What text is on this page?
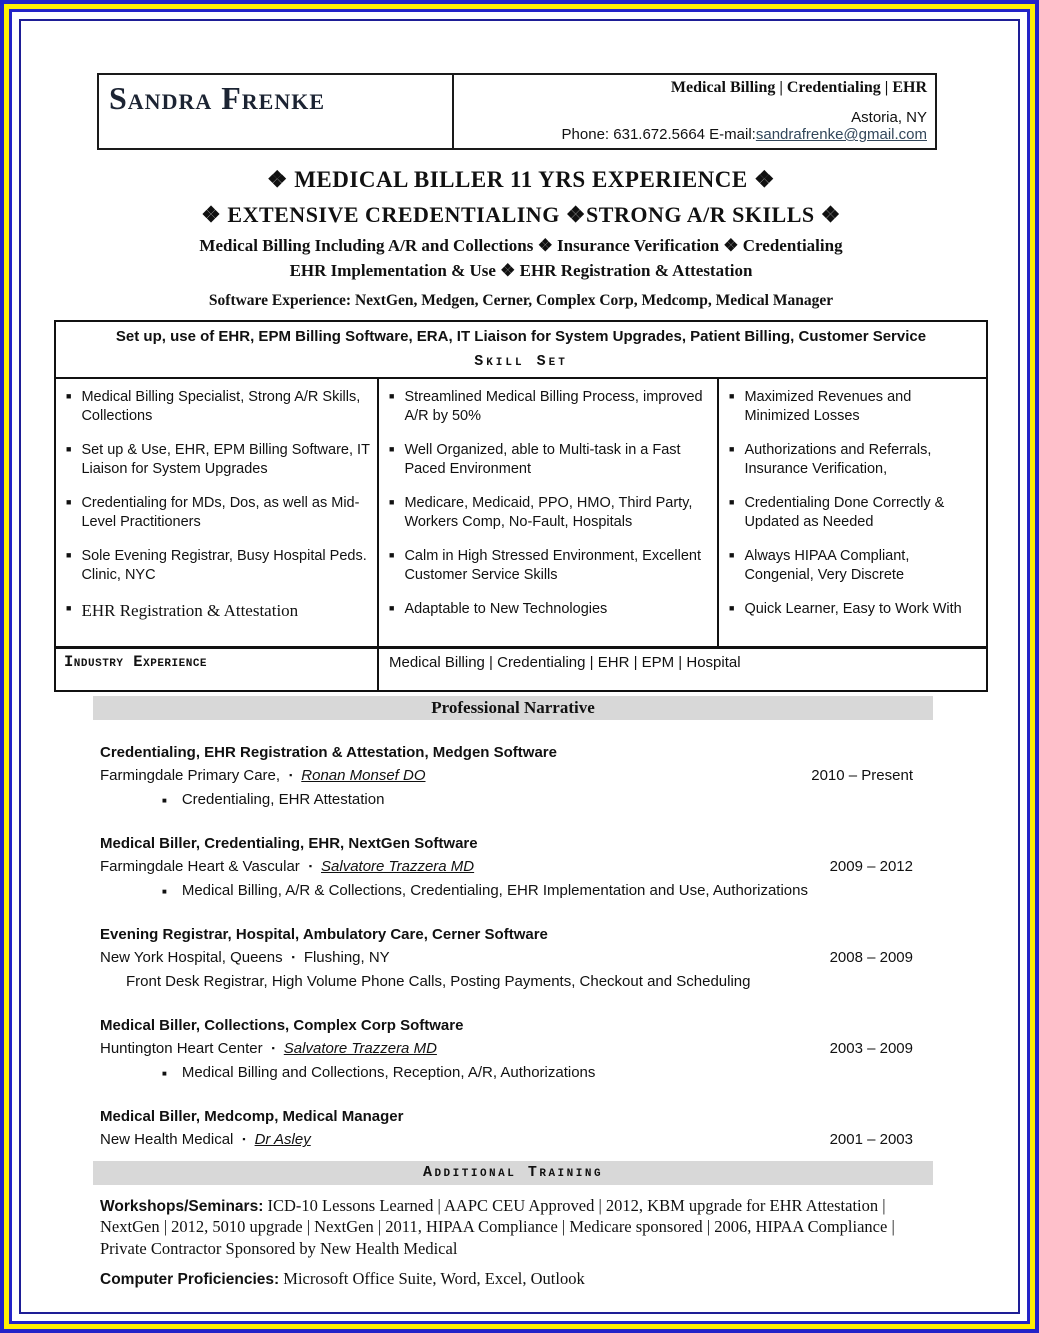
Sandra Frenke	Medical Billing | Credentialing | EHR
Astoria, NY
Phone: 631.672.5664 E-mail:sandrafrenke@gmail.com
❖ MEDICAL BILLER 11 YRS EXPERIENCE ❖
❖ EXTENSIVE CREDENTIALING ❖STRONG A/R SKILLS ❖
Medical Billing Including A/R and Collections ❖ Insurance Verification ❖ Credentialing
EHR Implementation & Use ❖ EHR Registration & Attestation
Software Experience: NextGen, Medgen, Cerner, Complex Corp, Medcomp, Medical Manager
Set up, use of EHR, EPM Billing Software, ERA, IT Liaison for System Upgrades, Patient Billing, Customer Service
Skill Set
■ Medical Billing Specialist, Strong A/R Skills, Collections
■ Set up & Use, EHR, EPM Billing Software, IT Liaison for System Upgrades
■ Credentialing for MDs, Dos, as well as Mid-Level Practitioners
■ Sole Evening Registrar, Busy Hospital Peds. Clinic, NYC
■ EHR Registration & Attestation
■ Streamlined Medical Billing Process, improved A/R by 50%
■ Well Organized, able to Multi-task in a Fast Paced Environment
■ Medicare, Medicaid, PPO, HMO, Third Party, Workers Comp, No-Fault, Hospitals
■ Calm in High Stressed Environment, Excellent Customer Service Skills
■ Adaptable to New Technologies
■ Maximized Revenues and Minimized Losses
■ Authorizations and Referrals, Insurance Verification,
■ Credentialing Done Correctly & Updated as Needed
■ Always HIPAA Compliant, Congenial, Very Discrete
■ Quick Learner, Easy to Work With
Industry Experience	Medical Billing | Credentialing | EHR | EPM | Hospital
Professional Narrative
Credentialing, EHR Registration & Attestation, Medgen Software
Farmingdale Primary Care, ▪ Ronan Monsef DO	2010 – Present
■ Credentialing, EHR Attestation
Medical Biller, Credentialing, EHR, NextGen Software
Farmingdale Heart & Vascular ▪ Salvatore Trazzera MD	2009 – 2012
■ Medical Billing, A/R & Collections, Credentialing, EHR Implementation and Use, Authorizations
Evening Registrar, Hospital, Ambulatory Care, Cerner Software
New York Hospital, Queens ▪ Flushing, NY	2008 – 2009
Front Desk Registrar, High Volume Phone Calls, Posting Payments, Checkout and Scheduling
Medical Biller, Collections, Complex Corp Software
Huntington Heart Center ▪ Salvatore Trazzera MD	2003 – 2009
■ Medical Billing and Collections, Reception, A/R, Authorizations
Medical Biller, Medcomp, Medical Manager
New Health Medical ▪ Dr Asley	2001 – 2003
Additional Training
Workshops/Seminars: ICD-10 Lessons Learned | AAPC CEU Approved | 2012, KBM upgrade for EHR Attestation | NextGen | 2012, 5010 upgrade | NextGen | 2011, HIPAA Compliance | Medicare sponsored | 2006, HIPAA Compliance | Private Contractor Sponsored by New Health Medical
Computer Proficiencies: Microsoft Office Suite, Word, Excel, Outlook
